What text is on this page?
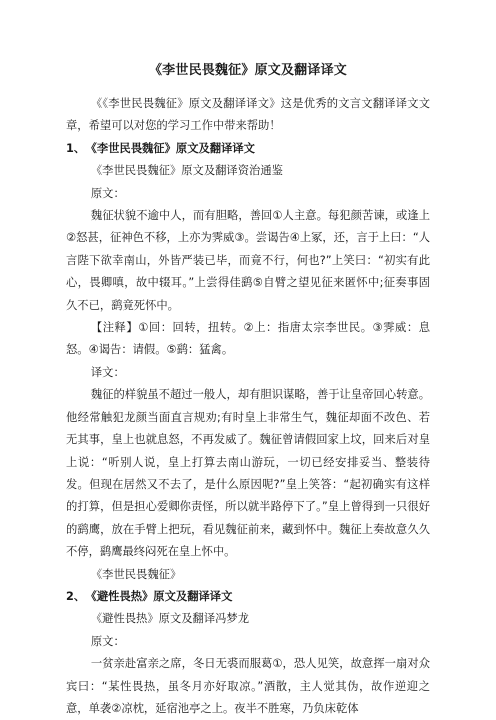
《李世民畏魏征》原文及翻译译文

《《李世民畏魏征》原文及翻译译文》这是优秀的文言文翻译译文文章，希望可以对您的学习工作中带来帮助！

1、 《李世民畏魏征》原文及翻译译文

《李世民畏魏征》原文及翻译资治通鉴

原文：

魏征状貌不逾中人，而有胆略，善回①人主意。每犯颜苦谏，或逢上②怒甚，征神色不移，上亦为霁威③。尝谒告④上冢，还，言于上曰：“人言陛下欲幸南山，外皆严装已毕，而竟不行，何也?”上笑曰：“初实有此心，畏卿嗔，故中辍耳。”上尝得佳鹞⑤自臂之望见征来匿怀中;征奏事固久不已，鹞竟死怀中。

【注释】①回：回转，扭转。②上：指唐太宗李世民。③霁威：息怒。④谒告：请假。⑤鹞：猛禽。

译文：

魏征的样貌虽不超过一般人，却有胆识谋略，善于让皇帝回心转意。他经常触犯龙颜当面直言规劝;有时皇上非常生气，魏征却面不改色、若无其事，皇上也就息怒，不再发威了。魏征曾请假回家上坟，回来后对皇上说：“听别人说，皇上打算去南山游玩，一切已经安排妥当、整装待发。但现在居然又不去了，是什么原因呢?”皇上笑答：“起初确实有这样的打算，但是担心爱卿你责怪，所以就半路停下了。”皇上曾得到一只很好的鹞鹰，放在手臂上把玩，看见魏征前来，藏到怀中。魏征上奏故意久久不停，鹞鹰最终闷死在皇上怀中。

《李世民畏魏征》

2、 《避性畏热》原文及翻译译文

《避性畏热》原文及翻译冯梦龙

原文：

一贫亲赴富亲之席，冬日无裘而服葛①，恐人见笑，故意挥一扇对众宾曰：“某性畏热，虽冬月亦好取凉。”酒散，主人觉其伪，故作逆迎之意，单袭②凉枕，延宿池亭之上。夜半不胜寒，乃负床乾体
